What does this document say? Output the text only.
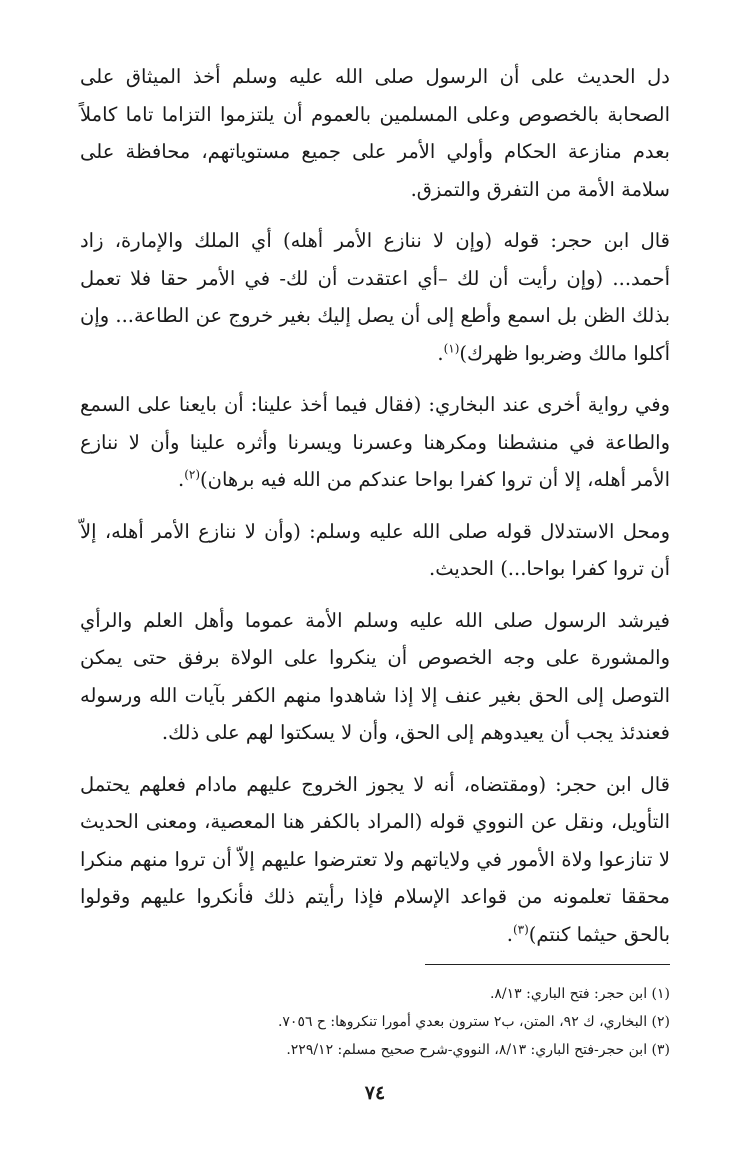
دل الحديث على أن الرسول صلى الله عليه وسلم أخذ الميثاق على الصحابة بالخصوص وعلى المسلمين بالعموم أن يلتزموا التزاما تاما كاملاً بعدم منازعة الحكام وأولي الأمر على جميع مستوياتهم، محافظة على سلامة الأمة من التفرق والتمزق.

قال ابن حجر: قوله (وإن لا ننازع الأمر أهله) أي الملك والإمارة، زاد أحمد... (وإن رأيت أن لك –أي اعتقدت أن لك- في الأمر حقا فلا تعمل بذلك الظن بل اسمع وأطع إلى أن يصل إليك بغير خروج عن الطاعة... وإن أكلوا مالك وضربوا ظهرك)$^{(١)}$.

وفي رواية أخرى عند البخاري: (فقال فيما أخذ علينا: أن بايعنا على السمع والطاعة في منشطنا ومكرهنا وعسرنا ويسرنا وأثره علينا وأن لا ننازع الأمر أهله، إلا أن تروا كفرا بواحا عندكم من الله فيه برهان)$^{(٢)}$.

ومحل الاستدلال قوله صلى الله عليه وسلم: (وأن لا ننازع الأمر أهله، إلاّ أن تروا كفرا بواحا...) الحديث.

فيرشد الرسول صلى الله عليه وسلم الأمة عموما وأهل العلم والرأي والمشورة على وجه الخصوص أن ينكروا على الولاة برفق حتى يمكن التوصل إلى الحق بغير عنف إلا إذا شاهدوا منهم الكفر بآيات الله ورسوله فعندئذ يجب أن يعيدوهم إلى الحق، وأن لا يسكتوا لهم على ذلك.

قال ابن حجر: (ومقتضاه، أنه لا يجوز الخروج عليهم مادام فعلهم يحتمل التأويل، ونقل عن النووي قوله (المراد بالكفر هنا المعصية، ومعنى الحديث لا تنازعوا ولاة الأمور في ولاياتهم ولا تعترضوا عليهم إلاّ أن تروا منهم منكرا محققا تعلمونه من قواعد الإسلام فإذا رأيتم ذلك فأنكروا عليهم وقولوا بالحق حيثما كنتم)$^{(٣)}$.

(١) ابن حجر: فتح الباري: ٨/١٣.

(٢) البخاري، ك ٩٢، المتن، ب٢ سترون بعدي أمورا تنكروها: ح ٧٠٥٦.

(٣) ابن حجر-فتح الباري: ٨/١٣، النووي-شرح صحيح مسلم: ٢٢٩/١٢.

٧٤
